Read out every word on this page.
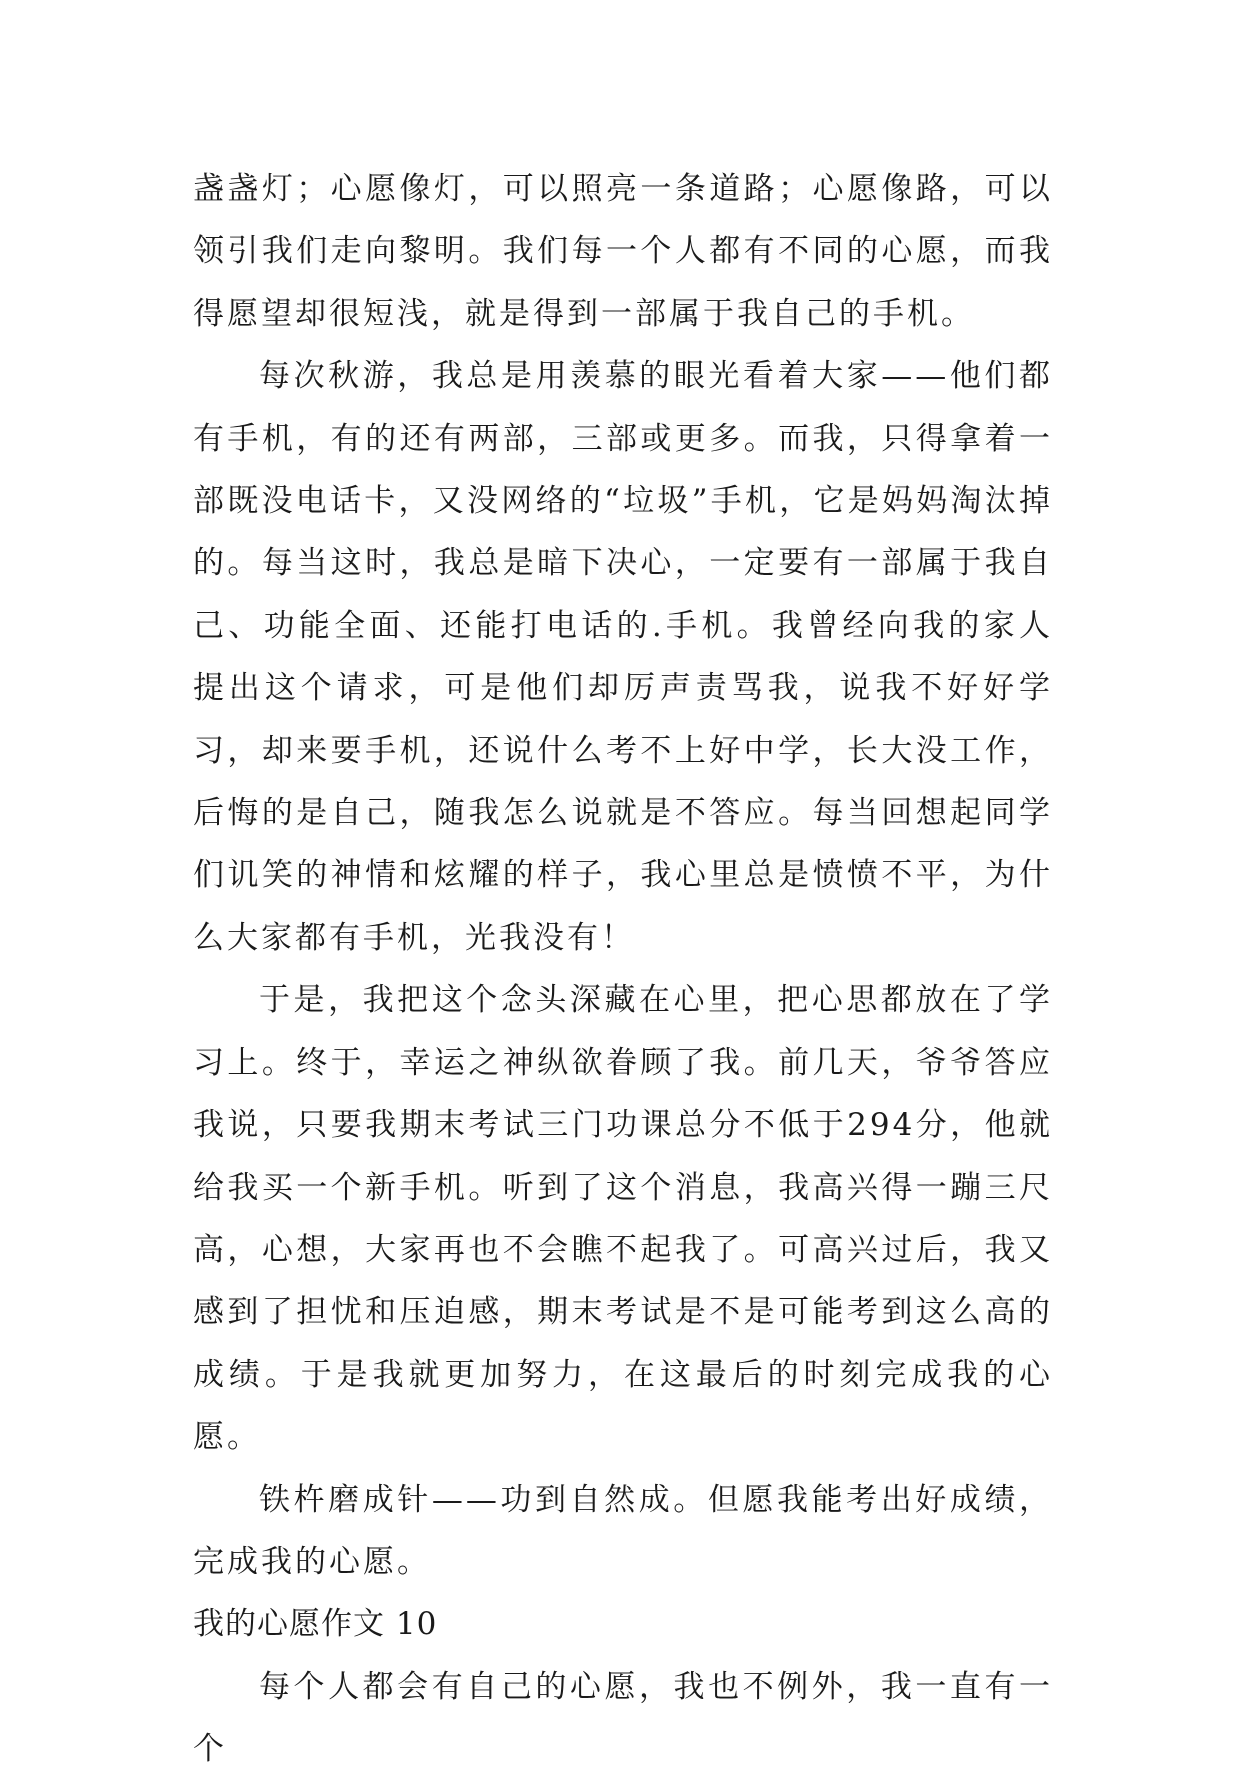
盏盏灯；心愿像灯，可以照亮一条道路；心愿像路，可以领引我们走向黎明。我们每一个人都有不同的心愿，而我得愿望却很短浅，就是得到一部属于我自己的手机。

每次秋游，我总是用羡慕的眼光看着大家——他们都有手机，有的还有两部，三部或更多。而我，只得拿着一部既没电话卡，又没网络的“垃圾”手机，它是妈妈淘汰掉的。每当这时，我总是暗下决心，一定要有一部属于我自己、功能全面、还能打电话的.手机。我曾经向我的家人提出这个请求，可是他们却厉声责骂我，说我不好好学习，却来要手机，还说什么考不上好中学，长大没工作，后悔的是自己，随我怎么说就是不答应。每当回想起同学们讥笑的神情和炫耀的样子，我心里总是愤愤不平，为什么大家都有手机，光我没有！

于是，我把这个念头深藏在心里，把心思都放在了学习上。终于，幸运之神纵欲眷顾了我。前几天，爷爷答应我说，只要我期末考试三门功课总分不低于294分，他就给我买一个新手机。听到了这个消息，我高兴得一蹦三尺高，心想，大家再也不会瞧不起我了。可高兴过后，我又感到了担忧和压迫感，期末考试是不是可能考到这么高的成绩。于是我就更加努力，在这最后的时刻完成我的心愿。

铁杵磨成针——功到自然成。但愿我能考出好成绩，完成我的心愿。

我的心愿作文 10

每个人都会有自己的心愿，我也不例外，我一直有一个
